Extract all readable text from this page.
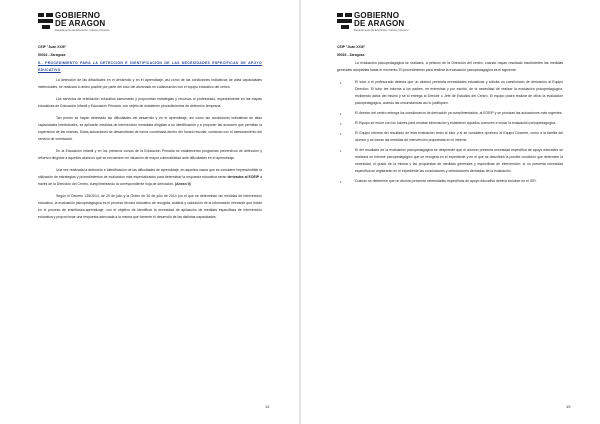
GOBIERNO
DE ARAGON
Departamento de Educación, Cultura y Deporte
CEIP "Juan XXIII"
50016 - Zaragoza

5.- PROCEDIMIENTO PARA LA DETECCIÓN E IDENTIFICACIÓN DE LAS NECESIDADES ESPECÍFICAS DE APOYO EDUCATIVO

La detección de las dificultades en el desarrollo y en el aprendizaje, así como de las condiciones indicativas de altas capacidades intelectuales, se realizará lo antes posible por parte del tutor del alumnado en colaboración con el equipo educativo del centro.

Los servicios de orientación educativa asesorarán y propondrán estrategias y recursos al profesorado, especialmente en las etapas educativas de Educación Infantil y Educación Primaria, con objeto de establecer procedimientos de detección temprana.

Tan pronto se hayan detectado las dificultades del desarrollo y en el aprendizaje, así como las condiciones indicativas de altas capacidades intelectuales, se aplicarán medidas de intervención inmediata dirigidas a su identificación y a proponer las acciones que permitan la superación de las mismas. Estas actuaciones se desarrollarán de forma coordinada dentro del horario escolar, contando con el asesoramiento del servicio de orientación.

En la Educación Infantil y en los primeros cursos de la Educación Primaria se establecerán programas preventivos de detección y refuerzo dirigidos a aquellos alumnos que se encuentren en situación de mayor vulnerabilidad ante dificultades en el aprendizaje.

Una vez realizada la detección e identificación de las dificultades de aprendizaje, en aquellos casos que se considere imprescindible la utilización de estrategias y procedimientos de evaluación más especializados para determinar la respuesta educativa serán derivados al EOEIP a través de la Dirección del Centro, cumplimentando la correspondiente hoja de derivación. (Anexo II)

Según el Decreto 135/2014, de 29 de julio y la Orden de 30 de julio de 2014 por el que se determinan las medidas de intervención educativa, la evaluación psicopedagógica es el proceso técnico educativo de recogida, análisis y valoración de la información relevante que incide en el proceso de enseñanza-aprendizaje, con el objetivo de identificar la necesidad de aplicación de medidas específicas de intervención educativa y proporcionar una respuesta adecuada a la misma que fomente el desarrollo de las distintas capacidades.

14
GOBIERNO
DE ARAGON
Departamento de Educación, Cultura y Deporte
CEIP "Juan XXIII"
50016 - Zaragoza

La evaluación psicopedagógica se realizará, a petición de la Dirección del centro, cuando hayan resultado insuficientes las medidas generales adoptadas hasta el momento. El procedimiento para realizar la evaluación psicopedagógica es el siguiente:

•	El tutor o el profesorado detecta que un alumno presenta necesidades educativas y solicita un cuestionario de derivación al Equipo Directivo. El tutor lee informa a los padres, en entrevista y por escrito, de la necesidad de realizar la evaluación psicopedagógica, recibiendo datos del mismo y se lo entrega al Director o Jefe de Estudios del Centro. El equipo podrá realizar de oficio la evaluación psicopedagógica, cuando las circunstancias así lo justifiquen.
•	El director del centro entrega los cuestionarios de derivación ya cumplimentados, al EOEIP y se priorizan las actuaciones más urgentes.
•	El Equipo se reúne con los tutores para recabar información y establecer aquellos comunes e iniciar la evaluación psicopedagógica.
•	El Equipo informa del resultado de esta evaluación tanto al tutor y si se considera oportuno al Equipo Docente, como a la familia del alumno y se toman las medidas de intervención propuestas en el informe.
•	Si del resultado de la evaluación psicopedagógica se desprende que el alumno presenta necesidad específica de apoyo educativo se realizará un informe psicopedagógico que se recogerá en el expediente y en el que se describirá la posible condición que determine la necesidad, el grado de la misma y las propuestas de medidas generales y específicas de intervención; si no presenta necesidad específica se registrarán en el expediente las conclusiones y orientaciones derivadas de la evaluación.
•	Cuando se determine que un alumno presenta necesidades específicas de apoyo educativo deberá incluirse en el GIR.
15
